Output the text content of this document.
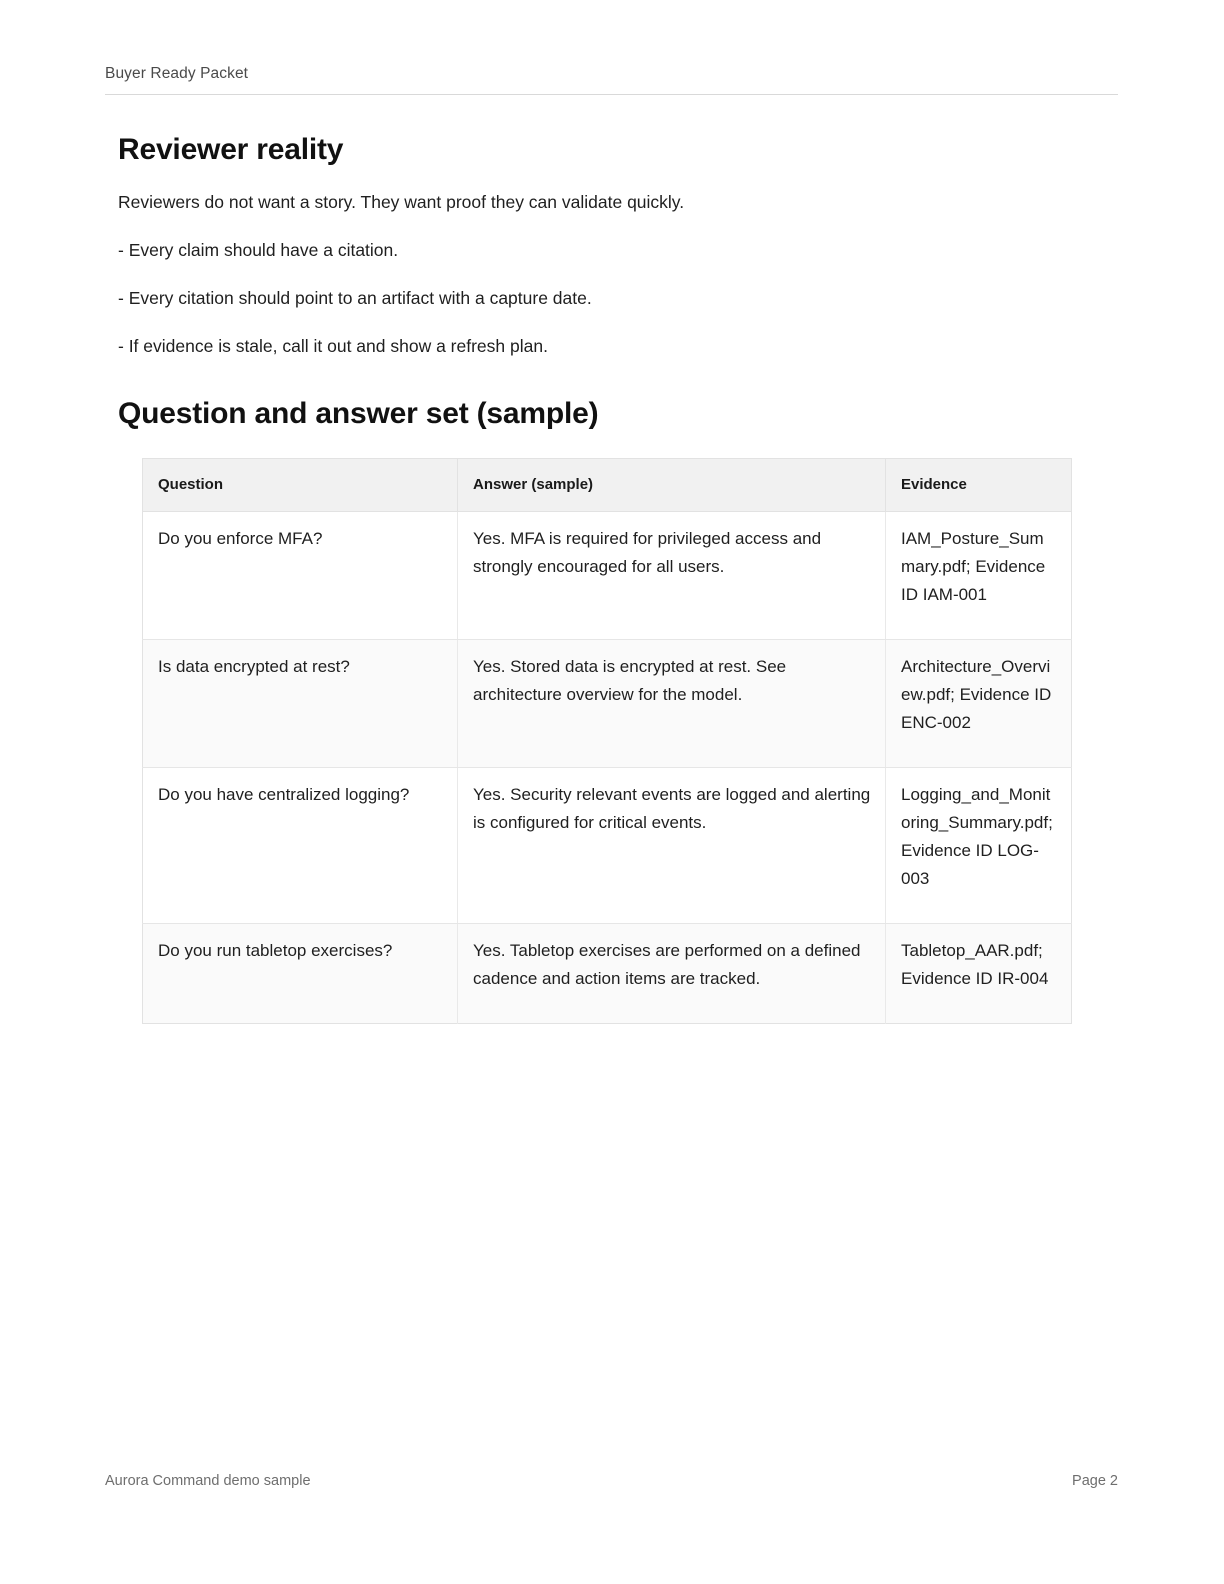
Buyer Ready Packet
Reviewer reality

Reviewers do not want a story. They want proof they can validate quickly.

- Every claim should have a citation.

- Every citation should point to an artifact with a capture date.

- If evidence is stale, call it out and show a refresh plan.

Question and answer set (sample)
Question	Answer (sample)	Evidence
Do you enforce MFA?	Yes. MFA is required for privileged access and strongly encouraged for all users.	IAM_Posture_Summary.pdf; Evidence ID IAM-001
Is data encrypted at rest?	Yes. Stored data is encrypted at rest. See architecture overview for the model.	Architecture_Overview.pdf; Evidence ID ENC-002
Do you have centralized logging?	Yes. Security relevant events are logged and alerting is configured for critical events.	Logging_and_Monitoring_Summary.pdf; Evidence ID LOG-003
Do you run tabletop exercises?	Yes. Tabletop exercises are performed on a defined cadence and action items are tracked.	Tabletop_AAR.pdf; Evidence ID IR-004
Aurora Command demo sample	Page 2
